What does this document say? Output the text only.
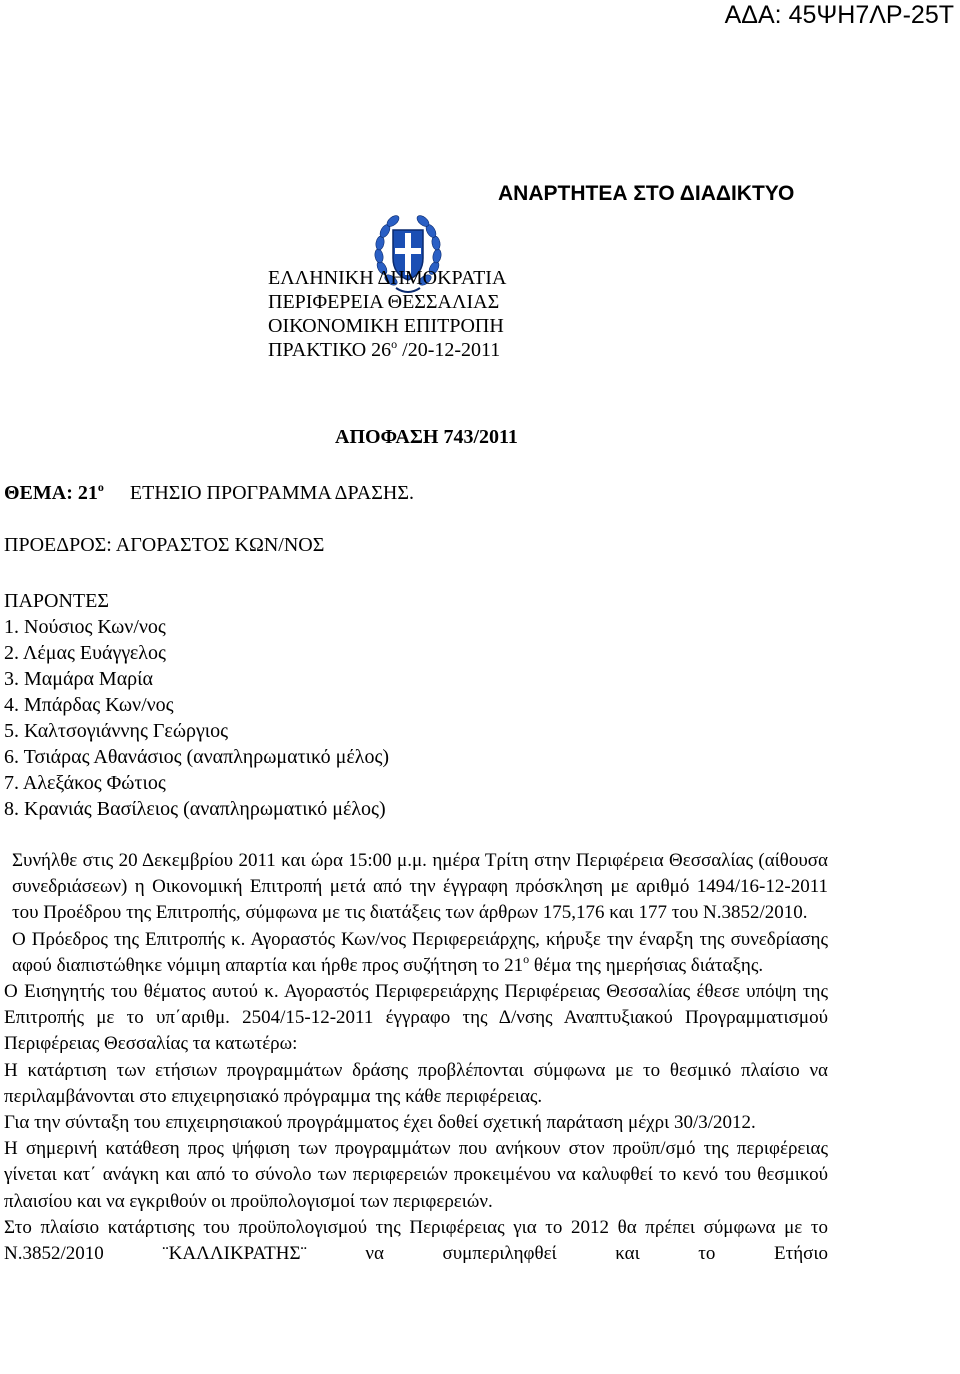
ΑΔΑ: 45ΨΗ7ΛΡ-25Τ
ΑΝΑΡΤΗΤΕΑ ΣΤΟ ΔΙΑΔΙΚΤΥΟ
ΕΛΛΗΝΙΚΗ ΔΗΜΟΚΡΑΤΙΑ
ΠΕΡΙΦΕΡΕΙΑ ΘΕΣΣΑΛΙΑΣ
ΟΙΚΟΝΟΜΙΚΗ ΕΠΙΤΡΟΠΗ
ΠΡΑΚΤΙΚΟ $26^o$ /20-12-2011
ΑΠΟΦΑΣΗ 743/2011
ΘΕΜΑ: $21^o$ ΕΤΗΣΙΟ ΠΡΟΓΡΑΜΜΑ ΔΡΑΣΗΣ.
ΠΡΟΕΔΡΟΣ: ΑΓΟΡΑΣΤΟΣ ΚΩΝ/ΝΟΣ
ΠΑΡΟΝΤΕΣ
1. Νούσιος Κων/νος
2. Λέμας Ευάγγελος
3. Μαμάρα Μαρία
4. Μπάρδας Κων/νος
5. Καλτσογιάννης Γεώργιος
6. Τσιάρας Αθανάσιος (αναπληρωματικό μέλος)
7. Αλεξάκος Φώτιος
8. Κρανιάς Βασίλειος (αναπληρωματικό μέλος)

Συνήλθε στις 20 Δεκεμβρίου 2011 και ώρα 15:00 μ.μ. ημέρα Τρίτη στην Περιφέρεια Θεσσαλίας (αίθουσα συνεδριάσεων) η Οικονομική Επιτροπή μετά από την έγγραφη πρόσκληση με αριθμό 1494/16-12-2011 του Προέδρου της Επιτροπής, σύμφωνα με τις διατάξεις των άρθρων 175,176 και 177 του Ν.3852/2010.

Ο Πρόεδρος της Επιτροπής κ. Αγοραστός Κων/νος Περιφερειάρχης, κήρυξε την έναρξη της συνεδρίασης αφού διαπιστώθηκε νόμιμη απαρτία και ήρθε προς συζήτηση το $21^o$ θέμα της ημερήσιας διάταξης.

Ο Εισηγητής του θέματος αυτού κ. Αγοραστός Περιφερειάρχης Περιφέρειας Θεσσαλίας έθεσε υπόψη της Επιτροπής με το υπ΄αριθμ. 2504/15-12-2011 έγγραφο της Δ/νσης Αναπτυξιακού Προγραμματισμού Περιφέρειας Θεσσαλίας τα κατωτέρω:

Η κατάρτιση των ετήσιων προγραμμάτων δράσης προβλέπονται σύμφωνα με το θεσμικό πλαίσιο να περιλαμβάνονται στο επιχειρησιακό πρόγραμμα της κάθε περιφέρειας.

Για την σύνταξη του επιχειρησιακού προγράμματος έχει δοθεί σχετική παράταση μέχρι 30/3/2012.

Η σημερινή κατάθεση προς ψήφιση των προγραμμάτων που ανήκουν στον προϋπ/σμό της περιφέρειας γίνεται κατ΄ ανάγκη και από το σύνολο των περιφερειών προκειμένου να καλυφθεί το κενό του θεσμικού πλαισίου και να εγκριθούν οι προϋπολογισμοί των περιφερειών.

Στο πλαίσιο κατάρτισης του προϋπολογισμού της Περιφέρειας για το 2012 θα πρέπει σύμφωνα με το Ν.3852/2010 ¨ΚΑΛΛΙΚΡΑΤΗΣ¨ να συμπεριληφθεί και το Ετήσιο
